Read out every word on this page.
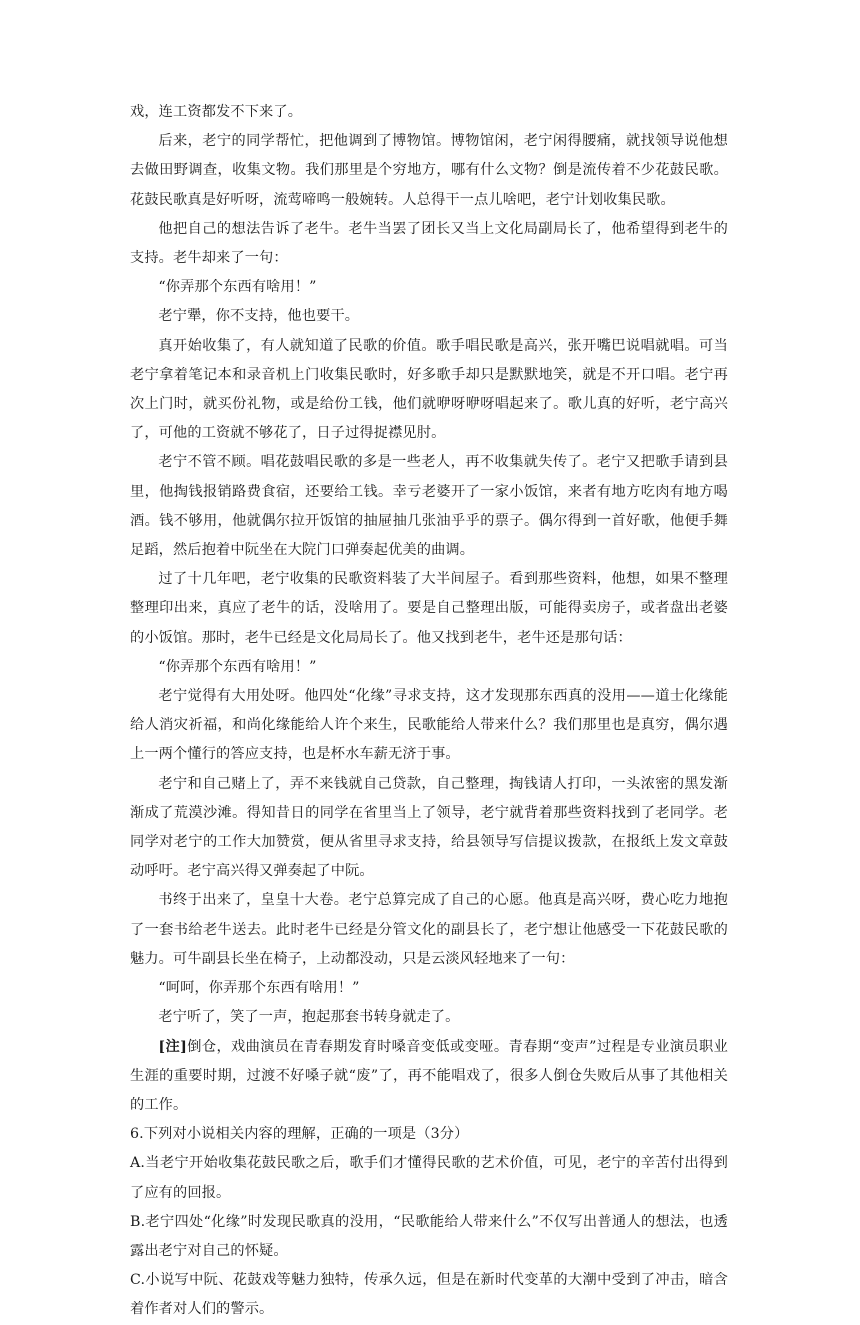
戏，连工资都发不下来了。

后来，老宁的同学帮忙，把他调到了博物馆。博物馆闲，老宁闲得腰痛，就找领导说他想去做田野调查，收集文物。我们那里是个穷地方，哪有什么文物？倒是流传着不少花鼓民歌。花鼓民歌真是好听呀，流莺啼鸣一般婉转。人总得干一点儿啥吧，老宁计划收集民歌。

他把自己的想法告诉了老牛。老牛当罢了团长又当上文化局副局长了，他希望得到老牛的支持。老牛却来了一句：

“你弄那个东西有啥用！”

老宁犟，你不支持，他也要干。

真开始收集了，有人就知道了民歌的价值。歌手唱民歌是高兴，张开嘴巴说唱就唱。可当老宁拿着笔记本和录音机上门收集民歌时，好多歌手却只是默默地笑，就是不开口唱。老宁再次上门时，就买份礼物，或是给份工钱，他们就咿呀咿呀唱起来了。歌儿真的好听，老宁高兴了，可他的工资就不够花了，日子过得捉襟见肘。

老宁不管不顾。唱花鼓唱民歌的多是一些老人，再不收集就失传了。老宁又把歌手请到县里，他掏钱报销路费食宿，还要给工钱。幸亏老婆开了一家小饭馆，来者有地方吃肉有地方喝酒。钱不够用，他就偶尔拉开饭馆的抽屉抽几张油乎乎的票子。偶尔得到一首好歌，他便手舞足蹈，然后抱着中阮坐在大院门口弹奏起优美的曲调。

过了十几年吧，老宁收集的民歌资料装了大半间屋子。看到那些资料，他想，如果不整理整理印出来，真应了老牛的话，没啥用了。要是自己整理出版，可能得卖房子，或者盘出老婆的小饭馆。那时，老牛已经是文化局局长了。他又找到老牛，老牛还是那句话：

“你弄那个东西有啥用！”

老宁觉得有大用处呀。他四处“化缘”寻求支持，这才发现那东西真的没用——道士化缘能给人消灾祈福，和尚化缘能给人许个来生，民歌能给人带来什么？我们那里也是真穷，偶尔遇上一两个懂行的答应支持，也是杯水车薪无济于事。

老宁和自己赌上了，弄不来钱就自己贷款，自己整理，掏钱请人打印，一头浓密的黑发渐渐成了荒漠沙滩。得知昔日的同学在省里当上了领导，老宁就背着那些资料找到了老同学。老同学对老宁的工作大加赞赏，便从省里寻求支持，给县领导写信提议拨款，在报纸上发文章鼓动呼吁。老宁高兴得又弹奏起了中阮。

书终于出来了，皇皇十大卷。老宁总算完成了自己的心愿。他真是高兴呀，费心吃力地抱了一套书给老牛送去。此时老牛已经是分管文化的副县长了，老宁想让他感受一下花鼓民歌的魅力。可牛副县长坐在椅子，上动都没动，只是云淡风轻地来了一句：

“呵呵，你弄那个东西有啥用！”

老宁听了，笑了一声，抱起那套书转身就走了。

[注]倒仓，戏曲演员在青春期发育时嗓音变低或变哑。青春期“变声”过程是专业演员职业生涯的重要时期，过渡不好嗓子就“废”了，再不能唱戏了，很多人倒仓失败后从事了其他相关的工作。

6.下列对小说相关内容的理解，正确的一项是（3分）

A.当老宁开始收集花鼓民歌之后，歌手们才懂得民歌的艺术价值，可见，老宁的辛苦付出得到了应有的回报。

B.老宁四处“化缘”时发现民歌真的没用，“民歌能给人带来什么”不仅写出普通人的想法，也透露出老宁对自己的怀疑。

C.小说写中阮、花鼓戏等魅力独特，传承久远，但是在新时代变革的大潮中受到了冲击，暗含着作者对人们的警示。
